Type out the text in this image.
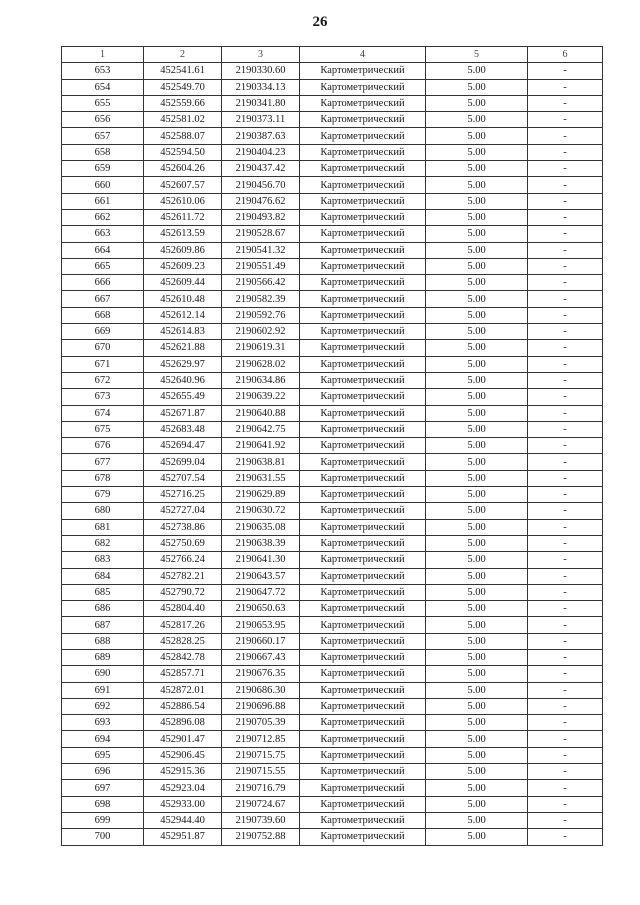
26
1	2	3	4	5	6
653	452541.61	2190330.60	Картометрический	5.00	-
654	452549.70	2190334.13	Картометрический	5.00	-
655	452559.66	2190341.80	Картометрический	5.00	-
656	452581.02	2190373.11	Картометрический	5.00	-
657	452588.07	2190387.63	Картометрический	5.00	-
658	452594.50	2190404.23	Картометрический	5.00	-
659	452604.26	2190437.42	Картометрический	5.00	-
660	452607.57	2190456.70	Картометрический	5.00	-
661	452610.06	2190476.62	Картометрический	5.00	-
662	452611.72	2190493.82	Картометрический	5.00	-
663	452613.59	2190528.67	Картометрический	5.00	-
664	452609.86	2190541.32	Картометрический	5.00	-
665	452609.23	2190551.49	Картометрический	5.00	-
666	452609.44	2190566.42	Картометрический	5.00	-
667	452610.48	2190582.39	Картометрический	5.00	-
668	452612.14	2190592.76	Картометрический	5.00	-
669	452614.83	2190602.92	Картометрический	5.00	-
670	452621.88	2190619.31	Картометрический	5.00	-
671	452629.97	2190628.02	Картометрический	5.00	-
672	452640.96	2190634.86	Картометрический	5.00	-
673	452655.49	2190639.22	Картометрический	5.00	-
674	452671.87	2190640.88	Картометрический	5.00	-
675	452683.48	2190642.75	Картометрический	5.00	-
676	452694.47	2190641.92	Картометрический	5.00	-
677	452699.04	2190638.81	Картометрический	5.00	-
678	452707.54	2190631.55	Картометрический	5.00	-
679	452716.25	2190629.89	Картометрический	5.00	-
680	452727.04	2190630.72	Картометрический	5.00	-
681	452738.86	2190635.08	Картометрический	5.00	-
682	452750.69	2190638.39	Картометрический	5.00	-
683	452766.24	2190641.30	Картометрический	5.00	-
684	452782.21	2190643.57	Картометрический	5.00	-
685	452790.72	2190647.72	Картометрический	5.00	-
686	452804.40	2190650.63	Картометрический	5.00	-
687	452817.26	2190653.95	Картометрический	5.00	-
688	452828.25	2190660.17	Картометрический	5.00	-
689	452842.78	2190667.43	Картометрический	5.00	-
690	452857.71	2190676.35	Картометрический	5.00	-
691	452872.01	2190686.30	Картометрический	5.00	-
692	452886.54	2190696.88	Картометрический	5.00	-
693	452896.08	2190705.39	Картометрический	5.00	-
694	452901.47	2190712.85	Картометрический	5.00	-
695	452906.45	2190715.75	Картометрический	5.00	-
696	452915.36	2190715.55	Картометрический	5.00	-
697	452923.04	2190716.79	Картометрический	5.00	-
698	452933.00	2190724.67	Картометрический	5.00	-
699	452944.40	2190739.60	Картометрический	5.00	-
700	452951.87	2190752.88	Картометрический	5.00	-
